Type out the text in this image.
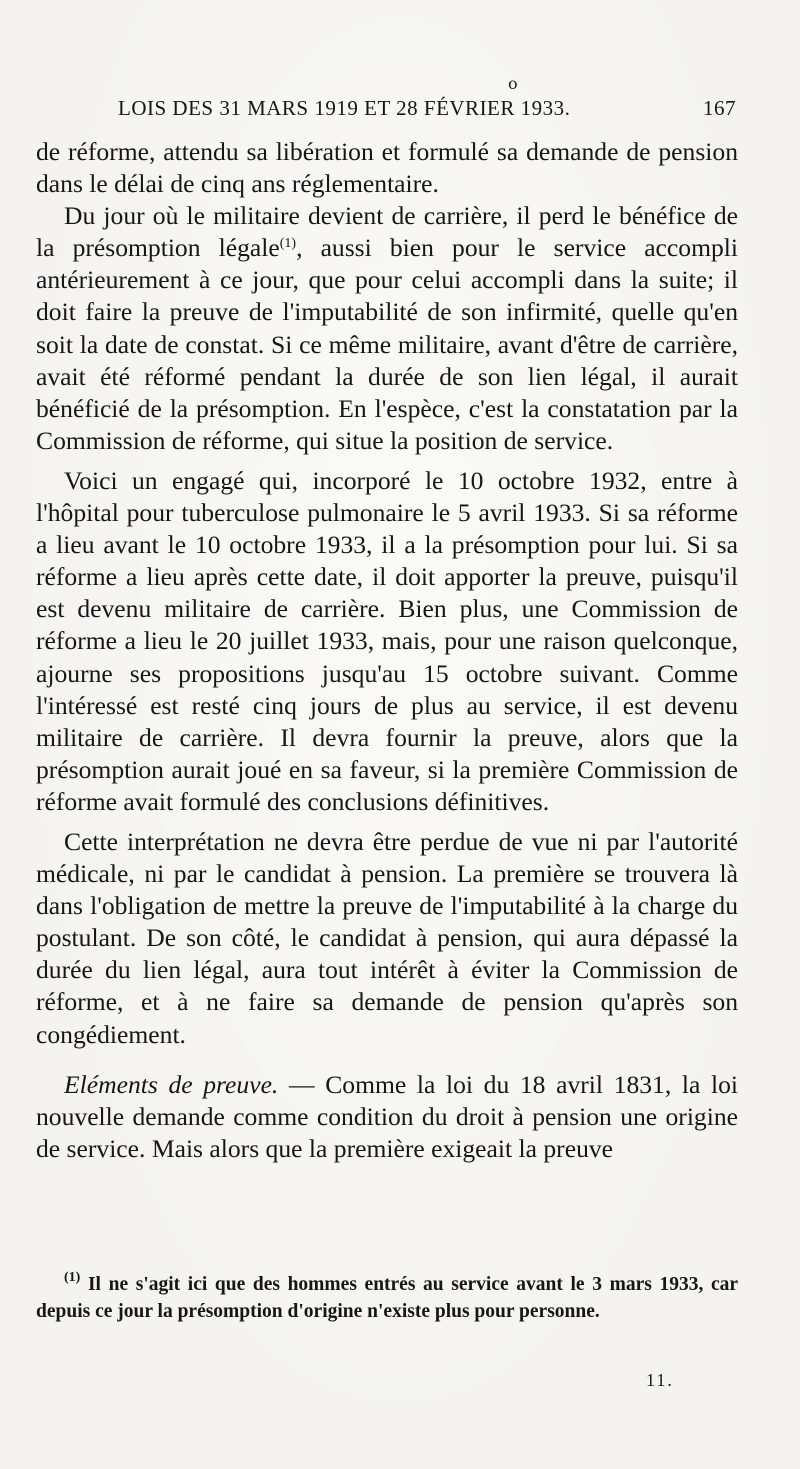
o
LOIS DES 31 MARS 1919 ET 28 FÉVRIER 1933.	167

de réforme, attendu sa libération et formulé sa demande de pension dans le délai de cinq ans réglementaire.

Du jour où le militaire devient de carrière, il perd le bénéfice de la présomption légale$^{(1)}$, aussi bien pour le service accompli antérieurement à ce jour, que pour celui accompli dans la suite; il doit faire la preuve de l'imputabilité de son infirmité, quelle qu'en soit la date de constat. Si ce même militaire, avant d'être de carrière, avait été réformé pendant la durée de son lien légal, il aurait bénéficié de la présomption. En l'espèce, c'est la constatation par la Commission de réforme, qui situe la position de service.

Voici un engagé qui, incorporé le 10 octobre 1932, entre à l'hôpital pour tuberculose pulmonaire le 5 avril 1933. Si sa réforme a lieu avant le 10 octobre 1933, il a la présomption pour lui. Si sa réforme a lieu après cette date, il doit apporter la preuve, puisqu'il est devenu militaire de carrière. Bien plus, une Commission de réforme a lieu le 20 juillet 1933, mais, pour une raison quelconque, ajourne ses propositions jusqu'au 15 octobre suivant. Comme l'intéressé est resté cinq jours de plus au service, il est devenu militaire de carrière. Il devra fournir la preuve, alors que la présomption aurait joué en sa faveur, si la première Commission de réforme avait formulé des conclusions définitives.

Cette interprétation ne devra être perdue de vue ni par l'autorité médicale, ni par le candidat à pension. La première se trouvera là dans l'obligation de mettre la preuve de l'imputabilité à la charge du postulant. De son côté, le candidat à pension, qui aura dépassé la durée du lien légal, aura tout intérêt à éviter la Commission de réforme, et à ne faire sa demande de pension qu'après son congédiement.

Eléments de preuve. — Comme la loi du 18 avril 1831, la loi nouvelle demande comme condition du droit à pension une origine de service. Mais alors que la première exigeait la preuve

$^{(1)}$ Il ne s'agit ici que des hommes entrés au service avant le 3 mars 1933, car depuis ce jour la présomption d'origine n'existe plus pour personne.

11.
